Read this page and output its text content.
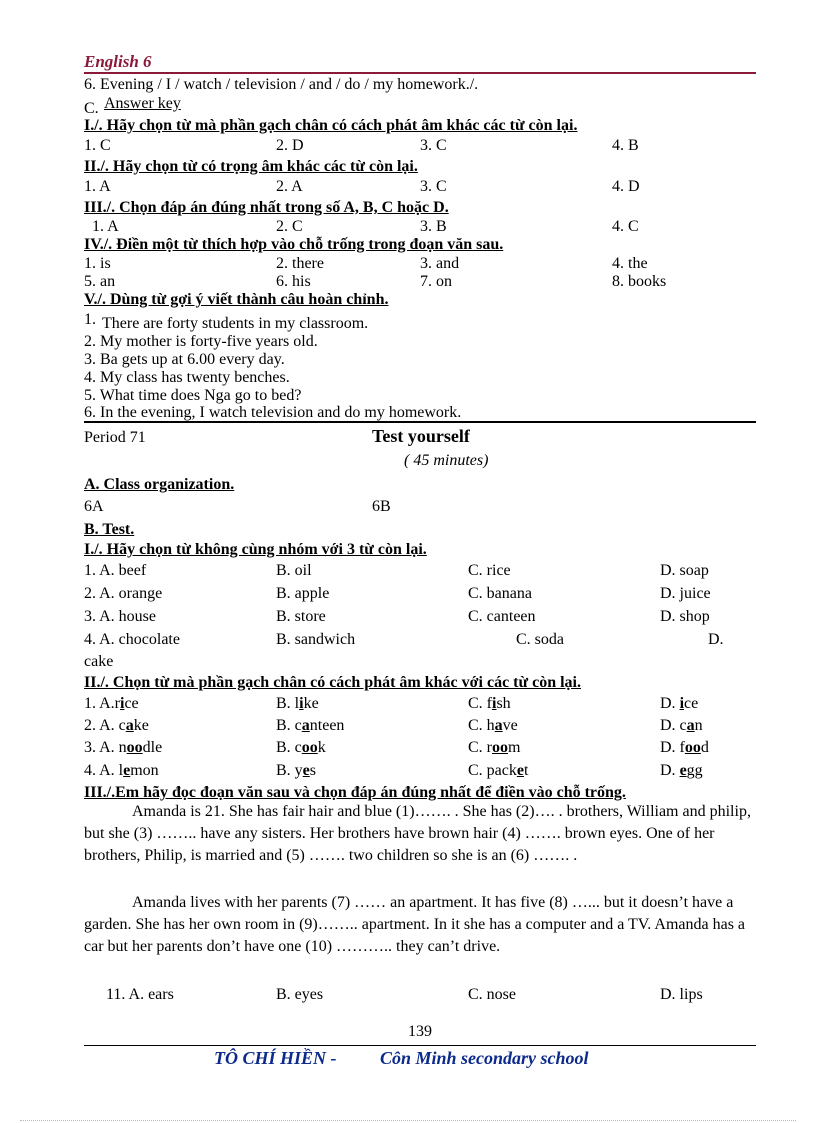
English 6
6. Evening / I / watch / television / and / do / my homework./.
C. Answer key
I./. Hãy chọn từ mà phần gạch chân có cách phát âm khác các từ còn lại.
1. C	2. D	3. C	4. B
II./. Hãy chọn từ có trọng âm khác các từ còn lại.
1. A	2. A	3. C	4. D
III./. Chọn đáp án đúng nhất trong số A, B, C hoặc D.
1. A	2. C	3. B	4. C
IV./. Điền một từ thích hợp vào chỗ trống trong đoạn văn sau.
1. is	2. there	3. and	4. the
5. an	6. his	7. on	8. books
V./. Dùng từ gợi ý viết thành câu hoàn chỉnh.
1. There are forty students in my classroom.
2. My mother is forty-five years old.
3. Ba gets up at 6.00 every day.
4. My class has twenty benches.
5. What time does Nga go to bed?
6. In the evening, I watch television and do my homework.
Period 71	Test yourself
( 45 minutes)
A. Class organization.
6A	6B
B. Test.
I./. Hãy chọn từ không cùng nhóm với 3 từ còn lại.
1. A. beef	B. oil	C. rice	D. soap
2. A. orange	B. apple	C. banana	D. juice
3. A. house	B. store	C. canteen	D. shop
4. A. chocolate	B. sandwich	C. soda	D.
cake
II./. Chọn từ mà phần gạch chân có cách phát âm khác với các từ còn lại.
1. A.rice	B. like	C. fish	D. ice
2. A. cake	B. canteen	C. have	D. can
3. A. noodle	B. cook	C. room	D. food
4. A. lemon	B. yes	C. packet	D. egg
III./.Em hãy đọc đoạn văn sau và chọn đáp án đúng nhất để điền vào chỗ trống.

Amanda is 21. She has fair hair and blue (1)……. . She has (2)…. . brothers, William and philip, but she (3) …….. have any sisters. Her brothers have brown hair (4) ……. brown eyes. One of her brothers, Philip, is married and (5) ……. two children so she is an (6) ……. .

Amanda lives with her parents (7) …… an apartment. It has five (8) …... but it doesn’t have a garden. She has her own room in (9)…….. apartment. In it she has a computer and a TV. Amanda has a car but her parents don’t have one (10) ……….. they can’t drive.

11. A. ears	B. eyes	C. nose	D. lips
139
TÔ CHÍ HIỀN - Côn Minh secondary school
